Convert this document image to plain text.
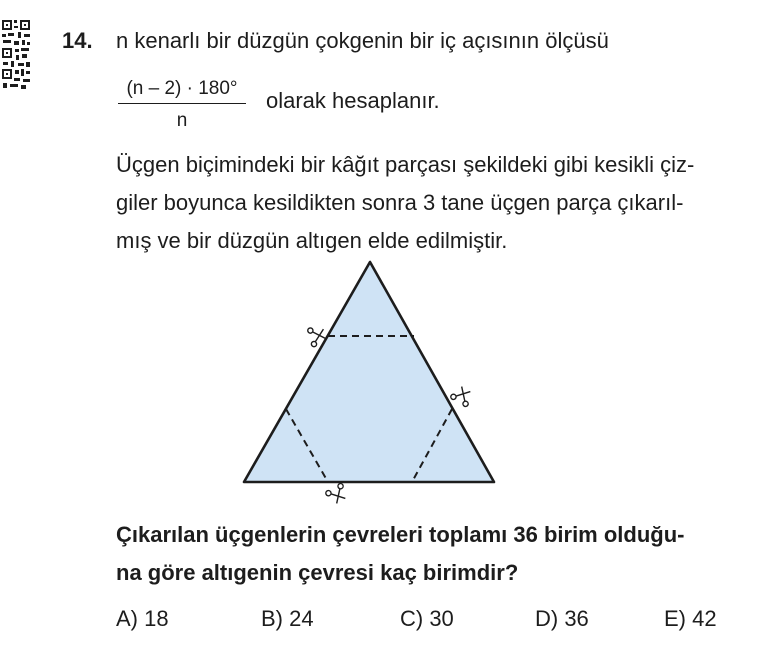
14. n kenarlı bir düzgün çokgenin bir iç açısının ölçüsü
$\frac{(n - 2) \cdot 180^\circ}{n}$ olarak hesaplanır.
Üçgen biçimindeki bir kâğıt parçası şekildeki gibi kesikli çiz-
giler boyunca kesildikten sonra 3 tane üçgen parça çıkarıl-
mış ve bir düzgün altıgen elde edilmiştir.
Çıkarılan üçgenlerin çevreleri toplamı 36 birim olduğu-
na göre altıgenin çevresi kaç birimdir?
A) 18	B) 24	C) 30	D) 36	E) 42
